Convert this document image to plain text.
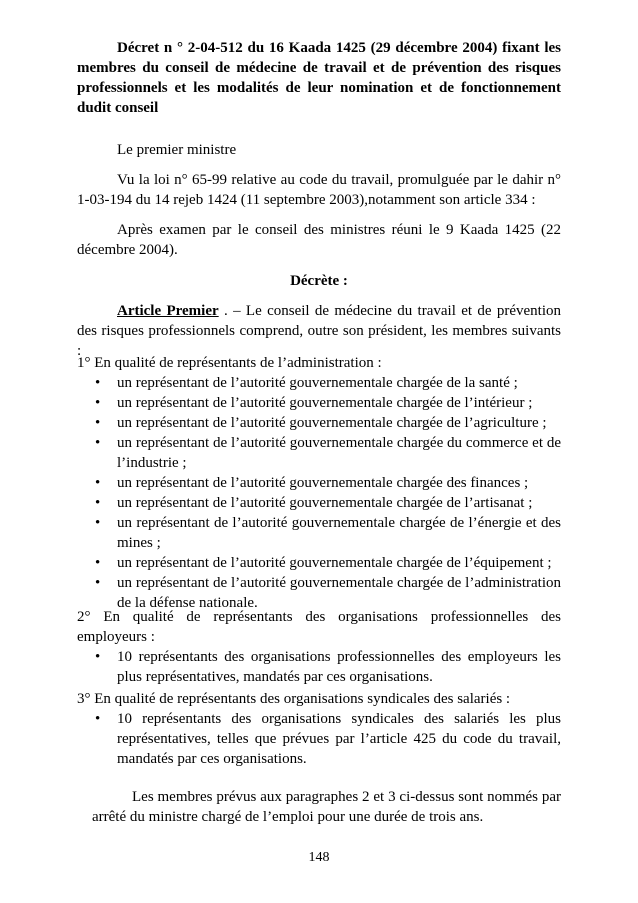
Décret n ° 2-04-512 du 16 Kaada 1425 (29 décembre 2004) fixant les membres du conseil de médecine de travail et de prévention des risques professionnels et les modalités de leur nomination et de fonctionnement dudit conseil
Le premier ministre
Vu la loi n° 65-99 relative au code du travail, promulguée par le dahir n° 1-03-194 du 14 rejeb 1424 (11 septembre 2003),notamment son article 334 :
Après examen par le conseil des ministres réuni le 9 Kaada 1425 (22 décembre 2004).
Décrète :
Article Premier . – Le conseil de médecine du travail et de prévention des risques professionnels comprend, outre son président, les membres suivants :
1° En qualité de représentants de l’administration :
• un représentant de l’autorité gouvernementale chargée de la santé ;
• un représentant de l’autorité gouvernementale chargée de l’intérieur ;
• un représentant de l’autorité gouvernementale chargée de l’agriculture ;
• un représentant de l’autorité gouvernementale chargée du commerce et de l’industrie ;
• un représentant de l’autorité gouvernementale chargée des finances ;
• un représentant de l’autorité gouvernementale chargée de l’artisanat ;
• un représentant de l’autorité gouvernementale chargée de l’énergie et des mines ;
• un représentant de l’autorité gouvernementale chargée de l’équipement ;
• un représentant de l’autorité gouvernementale chargée de l’administration de la défense nationale.
2° En qualité de représentants des organisations professionnelles des employeurs :
• 10 représentants des organisations professionnelles des employeurs les plus représentatives, mandatés par ces organisations.
3° En qualité de représentants des organisations syndicales des salariés :
• 10 représentants des organisations syndicales des salariés les plus représentatives, telles que prévues par l’article 425 du code du travail, mandatés par ces organisations.
Les membres prévus aux paragraphes 2 et 3 ci-dessus sont nommés par arrêté du ministre chargé de l’emploi pour une durée de trois ans.
148
